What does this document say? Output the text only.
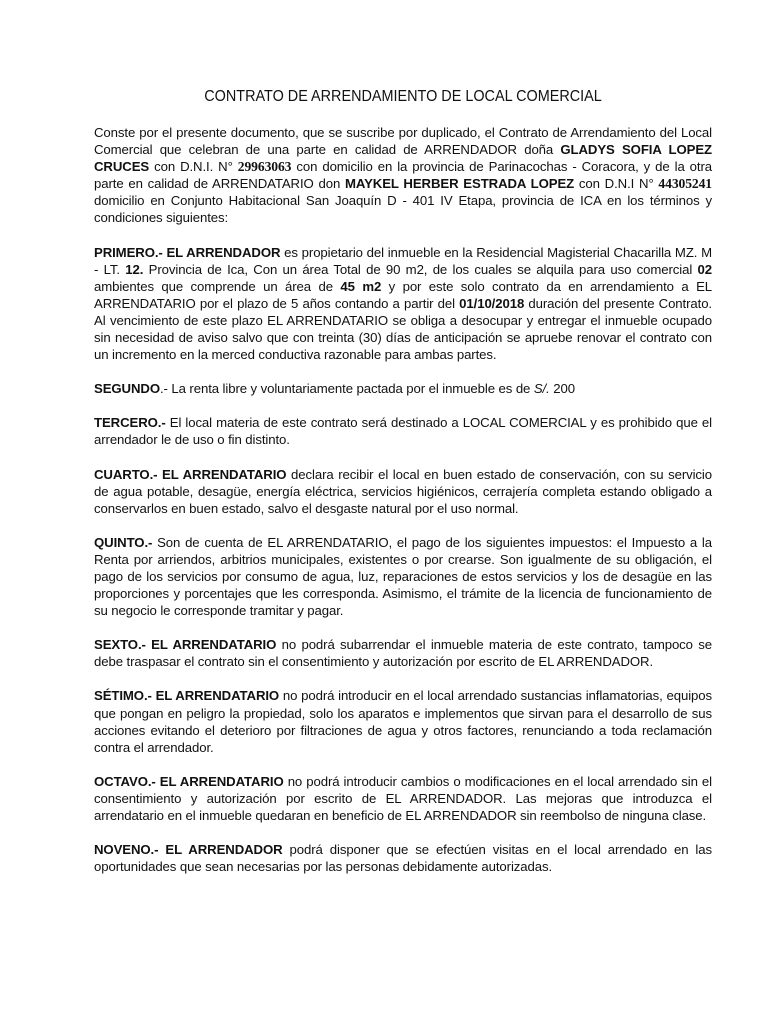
CONTRATO DE ARRENDAMIENTO DE LOCAL COMERCIAL

Conste por el presente documento, que se suscribe por duplicado, el Contrato de Arrendamiento del Local Comercial que celebran de una parte en calidad de ARRENDADOR doña GLADYS SOFIA LOPEZ CRUCES con D.N.I. N° 29963063 con domicilio en la provincia de Parinacochas - Coracora, y de la otra parte en calidad de ARRENDATARIO don MAYKEL HERBER ESTRADA LOPEZ con D.N.I N° 44305241 domicilio en Conjunto Habitacional San Joaquín D - 401 IV Etapa, provincia de ICA en los términos y condiciones siguientes:

PRIMERO.- EL ARRENDADOR es propietario del inmueble en la Residencial Magisterial Chacarilla MZ. M - LT. 12. Provincia de Ica, Con un área Total de 90 m2, de los cuales se alquila para uso comercial 02 ambientes que comprende un área de 45 m2 y por este solo contrato da en arrendamiento a EL ARRENDATARIO por el plazo de 5 años contando a partir del 01/10/2018 duración del presente Contrato. Al vencimiento de este plazo EL ARRENDATARIO se obliga a desocupar y entregar el inmueble ocupado sin necesidad de aviso salvo que con treinta (30) días de anticipación se apruebe renovar el contrato con un incremento en la merced conductiva razonable para ambas partes.

SEGUNDO.- La renta libre y voluntariamente pactada por el inmueble es de S/. 200

TERCERO.- El local materia de este contrato será destinado a LOCAL COMERCIAL y es prohibido que el arrendador le de uso o fin distinto.

CUARTO.- EL ARRENDATARIO declara recibir el local en buen estado de conservación, con su servicio de agua potable, desagüe, energía eléctrica, servicios higiénicos, cerrajería completa estando obligado a conservarlos en buen estado, salvo el desgaste natural por el uso normal.

QUINTO.- Son de cuenta de EL ARRENDATARIO, el pago de los siguientes impuestos: el Impuesto a la Renta por arriendos, arbitrios municipales, existentes o por crearse. Son igualmente de su obligación, el pago de los servicios por consumo de agua, luz, reparaciones de estos servicios y los de desagüe en las proporciones y porcentajes que les corresponda. Asimismo, el trámite de la licencia de funcionamiento de su negocio le corresponde tramitar y pagar.

SEXTO.- EL ARRENDATARIO no podrá subarrendar el inmueble materia de este contrato, tampoco se debe traspasar el contrato sin el consentimiento y autorización por escrito de EL ARRENDADOR.

SÉTIMO.- EL ARRENDATARIO no podrá introducir en el local arrendado sustancias inflamatorias, equipos que pongan en peligro la propiedad, solo los aparatos e implementos que sirvan para el desarrollo de sus acciones evitando el deterioro por filtraciones de agua y otros factores, renunciando a toda reclamación contra el arrendador.

OCTAVO.- EL ARRENDATARIO no podrá introducir cambios o modificaciones en el local arrendado sin el consentimiento y autorización por escrito de EL ARRENDADOR. Las mejoras que introduzca el arrendatario en el inmueble quedaran en beneficio de EL ARRENDADOR sin reembolso de ninguna clase.

NOVENO.- EL ARRENDADOR podrá disponer que se efectúen visitas en el local arrendado en las oportunidades que sean necesarias por las personas debidamente autorizadas.
